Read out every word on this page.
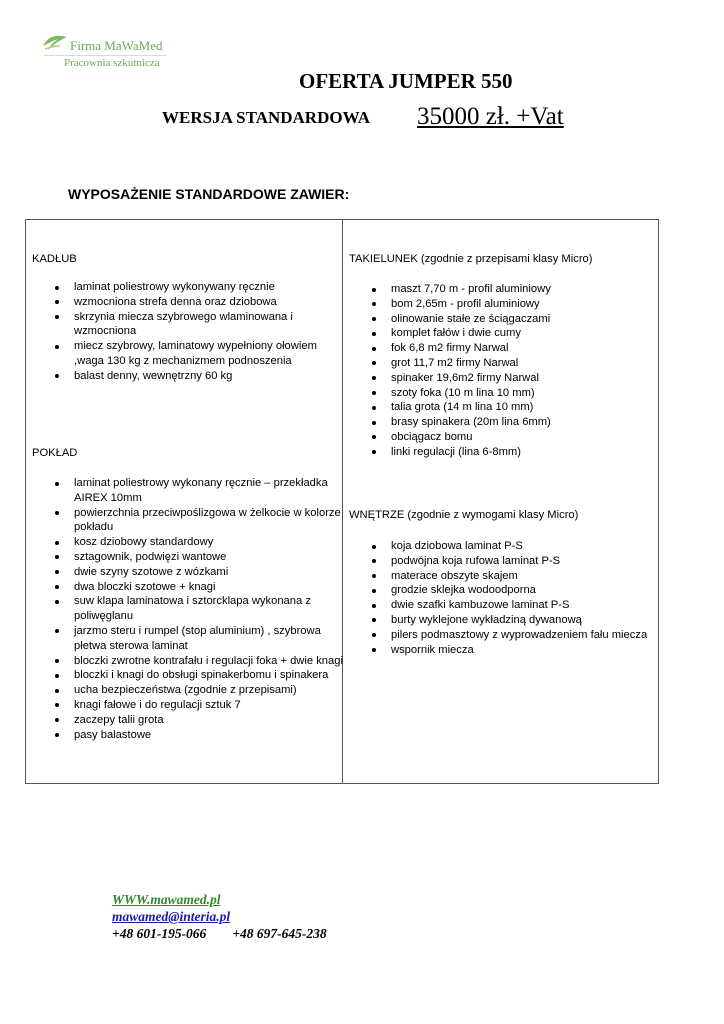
Firma MaWaMed
Pracownia szkutnicza
OFERTA JUMPER 550
WERSJA STANDARDOWA 35000 zł. +Vat
WYPOSAŻENIE STANDARDOWE ZAWIER:
KADŁUB
laminat poliestrowy wykonywany ręcznie
wzmocniona strefa denna oraz dziobowa
skrzynia miecza szybrowego wlaminowana i wzmocniona
miecz szybrowy, laminatowy wypełniony ołowiem ,waga 130 kg z mechanizmem podnoszenia
balast denny, wewnętrzny 60 kg
POKŁAD
laminat poliestrowy wykonany ręcznie – przekładka AIREX 10mm
powierzchnia przeciwpoślizgowa w żelkocie w kolorze pokładu
kosz dziobowy standardowy
sztagownik, podwięzi wantowe
dwie szyny szotowe z wózkami
dwa bloczki szotowe + knagi
suw klapa laminatowa i sztorcklapa wykonana z poliwęglanu
jarzmo steru i rumpel (stop aluminium) , szybrowa płetwa sterowa laminat
bloczki zwrotne kontrafału i regulacji foka + dwie knagi
bloczki i knagi do obsługi spinakerbomu i spinakera
ucha bezpieczeństwa (zgodnie z przepisami)
knagi fałowe i do regulacji sztuk 7
zaczepy talii grota
pasy balastowe
TAKIELUNEK (zgodnie z przepisami klasy Micro)
maszt 7,70 m - profil aluminiowy
bom 2,65m - profil aluminiowy
olinowanie stałe ze ściągaczami
komplet fałów i dwie cumy
fok 6,8 m2 firmy Narwal
grot 11,7 m2 firmy Narwal
spinaker 19,6m2 firmy Narwal
szoty foka (10 m lina 10 mm)
talia grota (14 m lina 10 mm)
brasy spinakera (20m lina 6mm)
obciągacz bomu
linki regulacji (lina 6-8mm)
WNĘTRZE (zgodnie z wymogami klasy Micro)
koja dziobowa laminat P-S
podwójna koja rufowa laminat P-S
materace obszyte skajem
grodzie sklejka wodoodporna
dwie szafki kambuzowe laminat P-S
burty wyklejone wykładziną dywanową
pilers podmasztowy z wyprowadzeniem fału miecza
wspornik miecza
WWW.mawamed.pl
mawamed@interia.pl
+48 601-195-066 +48 697-645-238
